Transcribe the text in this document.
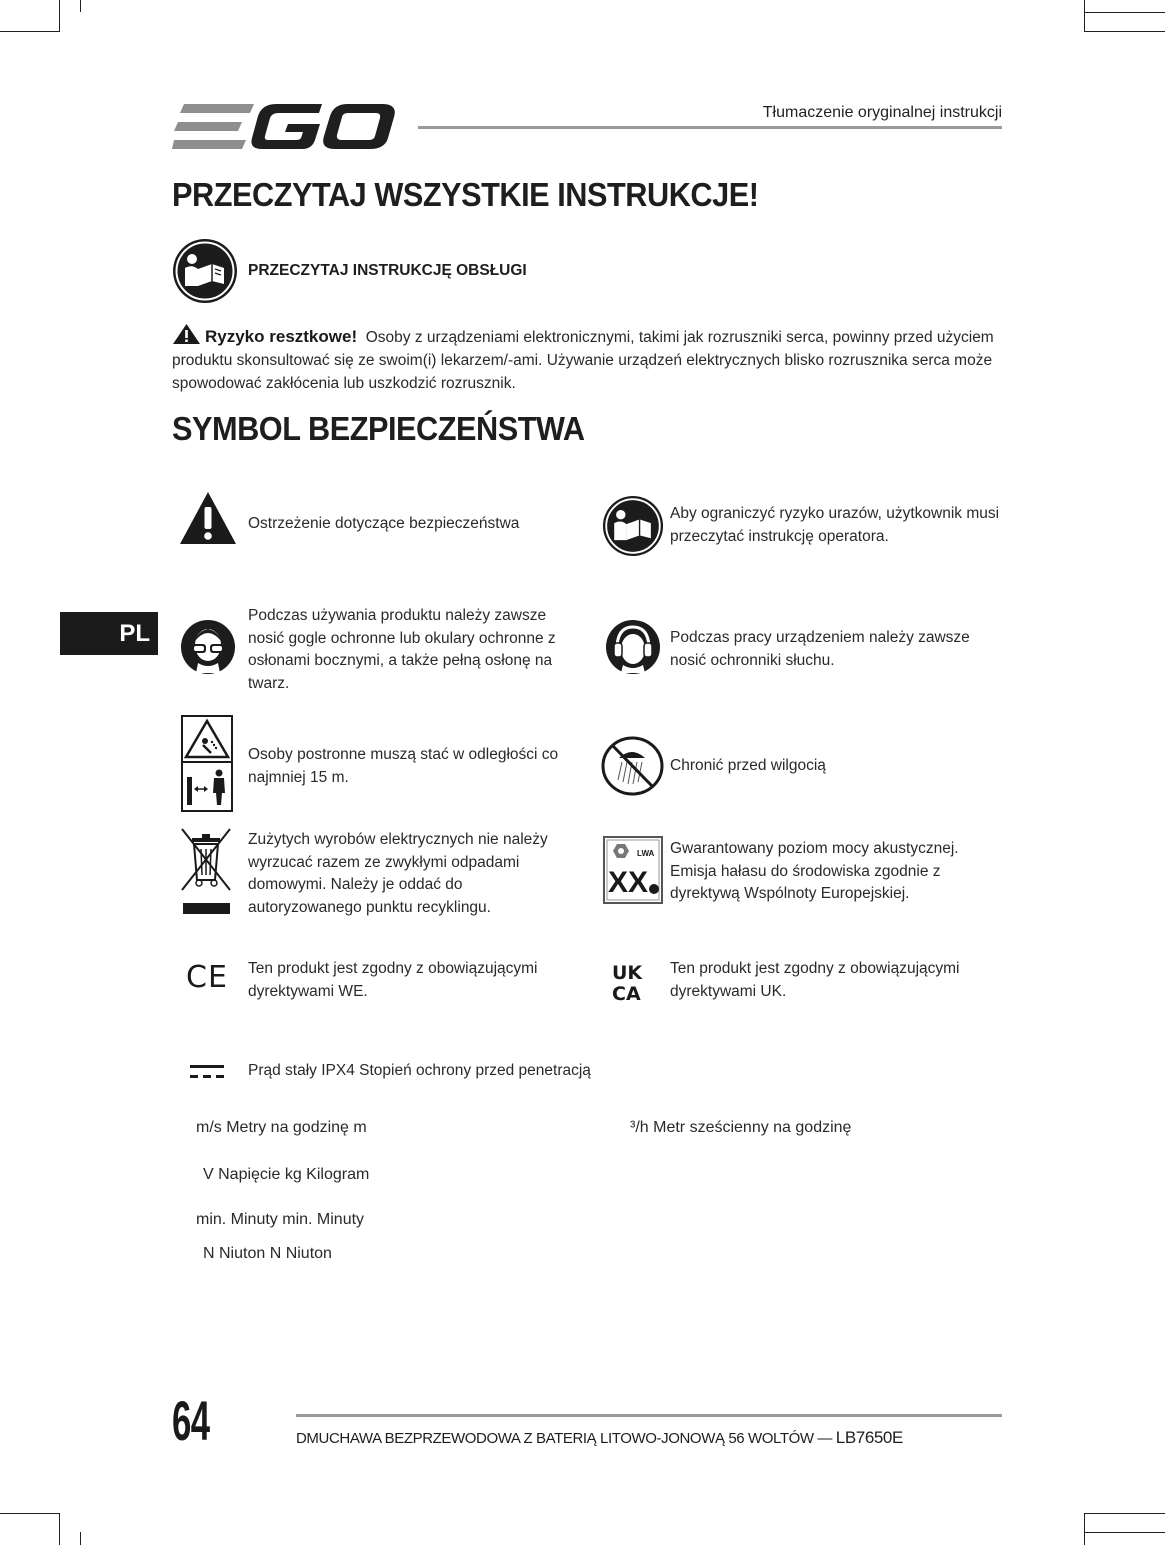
Tłumaczenie oryginalnej instrukcji
PRZECZYTAJ WSZYSTKIE INSTRUKCJE!
PRZECZYTAJ INSTRUKCJĘ OBSŁUGI
Ryzyko resztkowe! Osoby z urządzeniami elektronicznymi, takimi jak rozruszniki serca, powinny przed użyciem produktu skonsultować się ze swoim(i) lekarzem/-ami. Używanie urządzeń elektrycznych blisko rozrusznika serca może spowodować zakłócenia lub uszkodzić rozrusznik.
SYMBOL BEZPIECZEŃSTWA
PL
Ostrzeżenie dotyczące bezpieczeństwa
Aby ograniczyć ryzyko urazów, użytkownik musi przeczytać instrukcję operatora.
Podczas używania produktu należy zawsze nosić gogle ochronne lub okulary ochronne z osłonami bocznymi, a także pełną osłonę na twarz.
Podczas pracy urządzeniem należy zawsze nosić ochronniki słuchu.
Osoby postronne muszą stać w odległości co najmniej 15 m.
Chronić przed wilgocią
Zużytych wyrobów elektrycznych nie należy wyrzucać razem ze zwykłymi odpadami domowymi. Należy je oddać do autoryzowanego punktu recyklingu.
XX
LWA Gwarantowany poziom mocy akustycznej. Emisja hałasu do środowiska zgodnie z dyrektywą Wspólnoty Europejskiej.
CE Ten produkt jest zgodny z obowiązującymi dyrektywami WE.
UK
CA
Ten produkt jest zgodny z obowiązującymi dyrektywami UK.
Prąd stały IPX4 Stopień ochrony przed penetracją
m/s Metry na godzinę m	³/h Metr sześcienny na godzinę
V Napięcie kg Kilogram
min. Minuty min. Minuty
N Niuton N Niuton
64	DMUCHAWA BEZPRZEWODOWA Z BATERIĄ LITOWO-JONOWĄ 56 WOLTÓW — LB7650E
